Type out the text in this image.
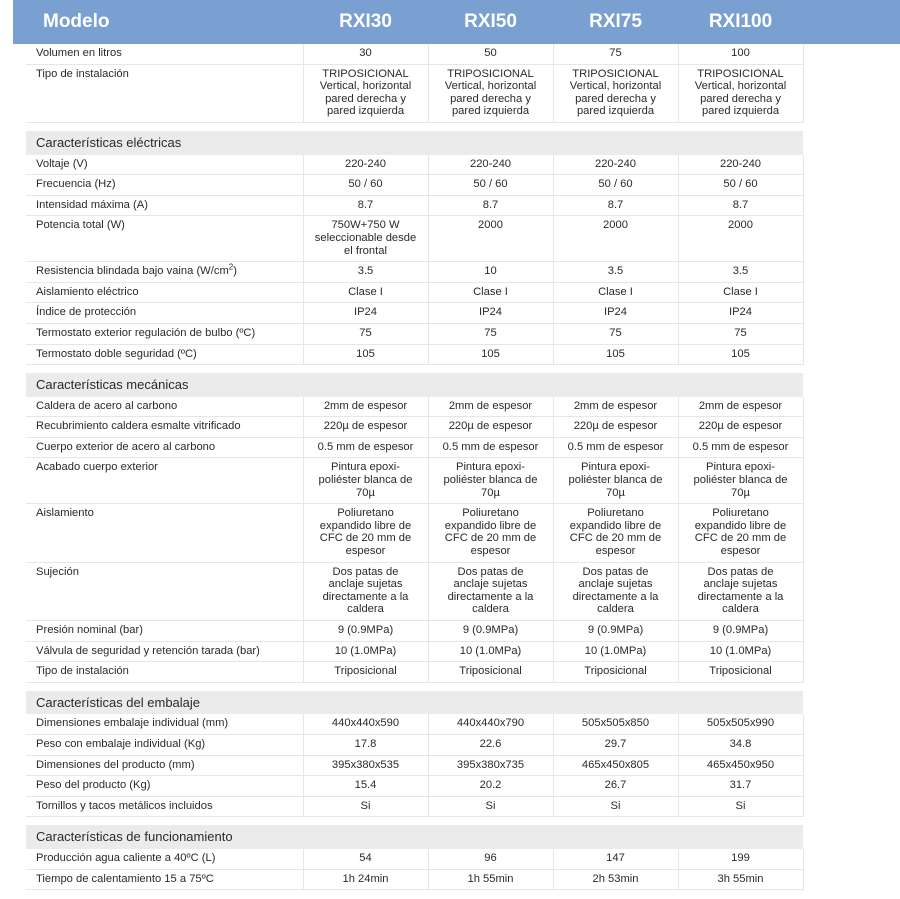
Modelo	RXI30	RXI50	RXI75	RXI100	
Volumen en litros	30	50	75	100	
Tipo de instalación	TRIPOSICIONAL
Vertical, horizontal
pared derecha y
pared izquierda	TRIPOSICIONAL
Vertical, horizontal
pared derecha y
pared izquierda	TRIPOSICIONAL
Vertical, horizontal
pared derecha y
pared izquierda	TRIPOSICIONAL
Vertical, horizontal
pared derecha y
pared izquierda	

Características eléctricas					
Voltaje (V)	220-240	220-240	220-240	220-240	
Frecuencia (Hz)	50 / 60	50 / 60	50 / 60	50 / 60	
Intensidad máxima (A)	8.7	8.7	8.7	8.7	
Potencia total (W)	750W+750 W
seleccionable desde
el frontal	2000	2000	2000	
Resistencia blindada bajo vaina $(W/cm^2)$	3.5	10	3.5	3.5	
Aislamiento eléctrico	Clase I	Clase I	Clase I	Clase I	
Índice de protección	IP24	IP24	IP24	IP24	
Termostato exterior regulación de bulbo (ºC)	75	75	75	75	
Termostato doble seguridad (ºC)	105	105	105	105	

Características mecánicas					
Caldera de acero al carbono	2mm de espesor	2mm de espesor	2mm de espesor	2mm de espesor	
Recubrimiento caldera esmalte vitrificado	220µ de espesor	220µ de espesor	220µ de espesor	220µ de espesor	
Cuerpo exterior de acero al carbono	0.5 mm de espesor	0.5 mm de espesor	0.5 mm de espesor	0.5 mm de espesor	
Acabado cuerpo exterior	Pintura epoxi-
poliéster blanca de
70µ	Pintura epoxi-
poliéster blanca de
70µ	Pintura epoxi-
poliéster blanca de
70µ	Pintura epoxi-
poliéster blanca de
70µ	
Aislamiento	Poliuretano
expandido libre de
CFC de 20 mm de
espesor	Poliuretano
expandido libre de
CFC de 20 mm de
espesor	Poliuretano
expandido libre de
CFC de 20 mm de
espesor	Poliuretano
expandido libre de
CFC de 20 mm de
espesor	
Sujeción	Dos patas de
anclaje sujetas
directamente a la
caldera	Dos patas de
anclaje sujetas
directamente a la
caldera	Dos patas de
anclaje sujetas
directamente a la
caldera	Dos patas de
anclaje sujetas
directamente a la
caldera	
Presión nominal (bar)	9 (0.9MPa)	9 (0.9MPa)	9 (0.9MPa)	9 (0.9MPa)	
Válvula de seguridad y retención tarada (bar)	10 (1.0MPa)	10 (1.0MPa)	10 (1.0MPa)	10 (1.0MPa)	
Tipo de instalación	Triposicional	Triposicional	Triposicional	Triposicional

Características del embalaje					
Dimensiones embalaje individual (mm)	440x440x590	440x440x790	505x505x850	505x505x990	
Peso con embalaje individual (Kg)	17.8	22.6	29.7	34.8	
Dimensiones del producto (mm)	395x380x535	395x380x735	465x450x805	465x450x950	
Peso del producto (Kg)	15.4	20.2	26.7	31.7	
Tornillos y tacos metálicos incluidos	Si	Si	Si	Si	

Características de funcionamiento					
Producción agua caliente a 40ºC (L)	54	96	147	199	
Tiempo de calentamiento 15 a 75ºC	1h 24min	1h 55min	2h 53min	3h 55min	
